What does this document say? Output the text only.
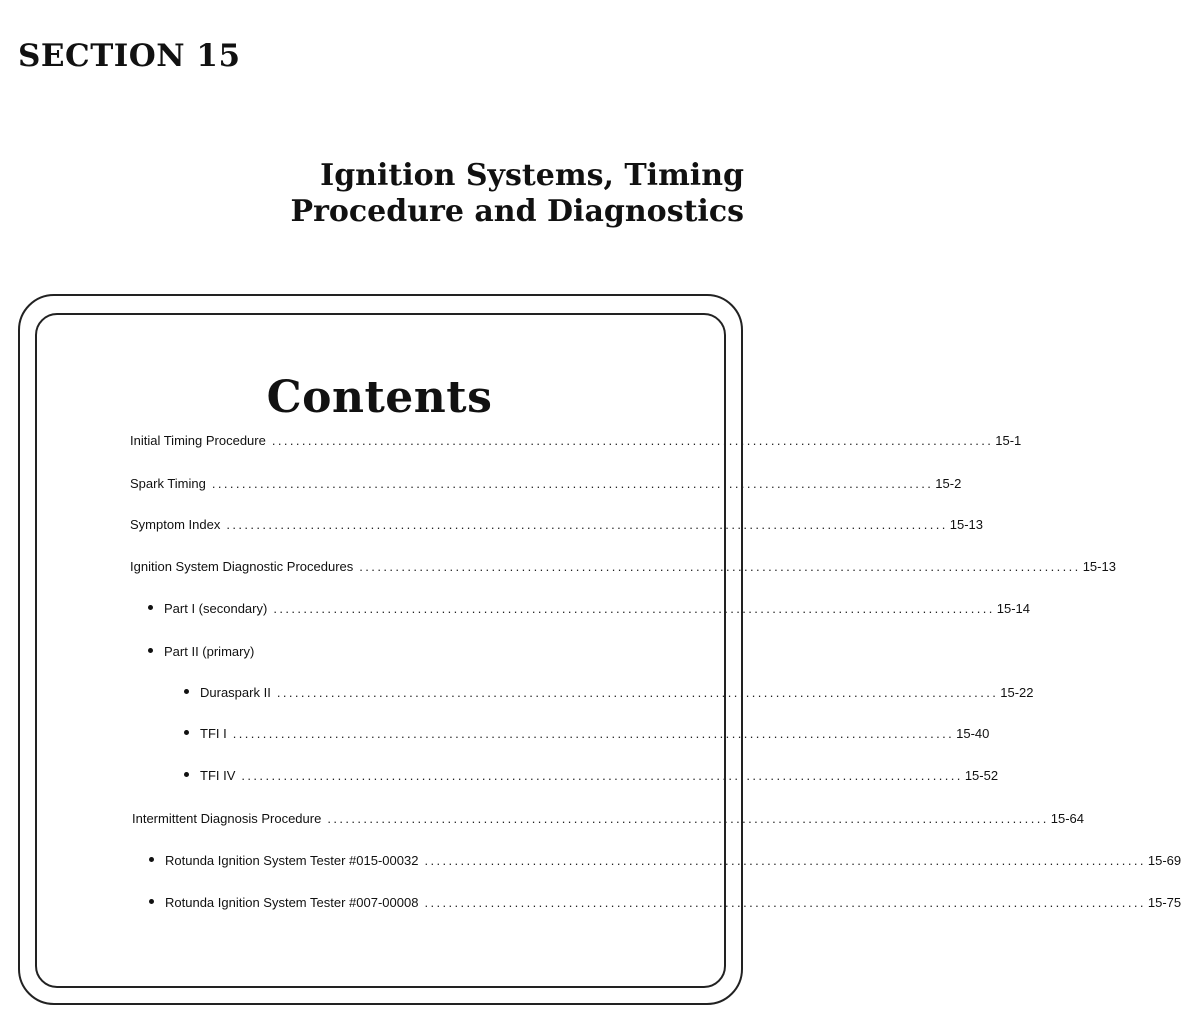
SECTION 15
Ignition Systems, Timing
Procedure and Diagnostics
Contents
Initial Timing Procedure ........................................................................................................................ 15-1
Spark Timing ........................................................................................................................ 15-2
Symptom Index ........................................................................................................................ 15-13
Ignition System Diagnostic Procedures ........................................................................................................................ 15-13
Part I (secondary) ........................................................................................................................ 15-14
Part II (primary)
Duraspark II ........................................................................................................................ 15-22
TFI I ........................................................................................................................ 15-40
TFI IV ........................................................................................................................ 15-52
Intermittent Diagnosis Procedure ........................................................................................................................ 15-64
Rotunda Ignition System Tester #015-00032 ........................................................................................................................ 15-69
Rotunda Ignition System Tester #007-00008 ........................................................................................................................ 15-75
